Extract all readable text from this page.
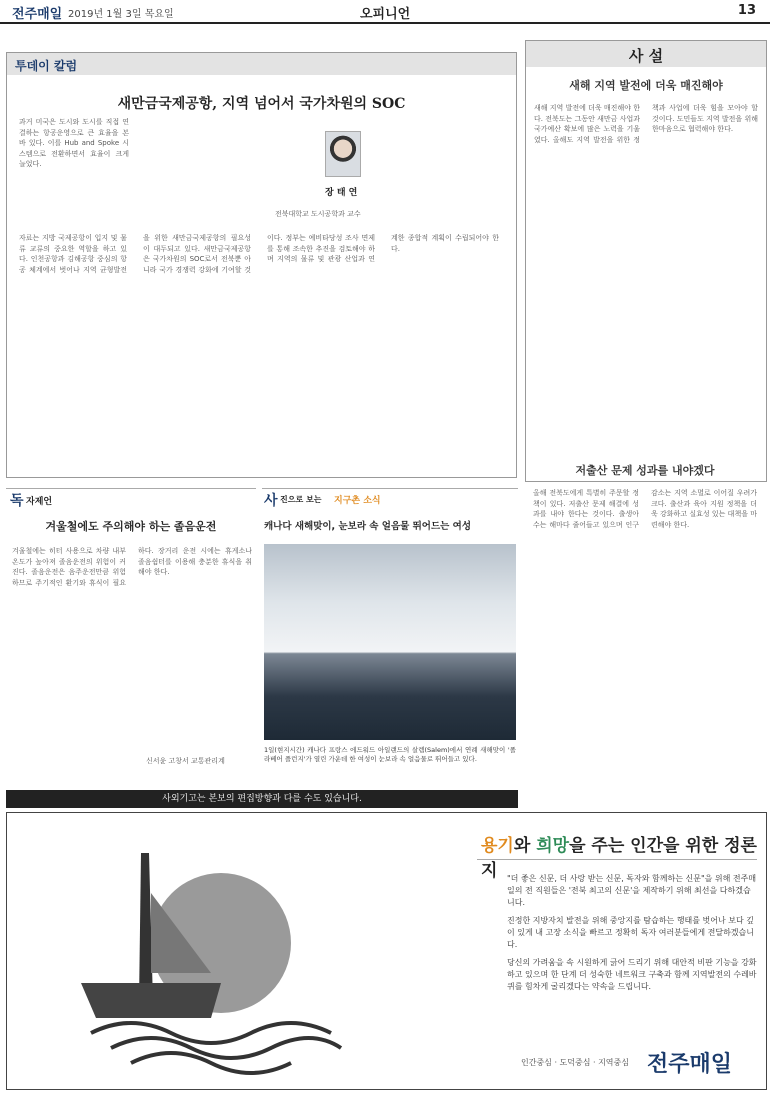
전주매일 2019년 1월 3일 목요일	오피니언	13
투데이 칼럼
새만금국제공항, 지역 넘어서 국가차원의 SOC
장 태 연
전북대학교 도시공학과 교수
과거 미국은 도시와 도시를 직접 연결하는 항공운영으로 큰 효율을 본 바 있다. 이를 Hub and Spoke 시스템으로 전환하면서 효율이 크게 늘었다.
자료는 지방 국제공항이 입지 및 물류 교류의 중요한 역할을 하고 있다. 인천공항과 김해공항 중심의 항공 체계에서 벗어나 지역 균형발전을 위한 새만금국제공항의 필요성이 대두되고 있다. 새만금국제공항은 국가차원의 SOC로서 전북뿐 아니라 국가 경쟁력 강화에 기여할 것이다. 정부는 예비타당성 조사 면제를 통해 조속한 추진을 검토해야 하며 지역의 물류 및 관광 산업과 연계한 종합적 계획이 수립되어야 한다.
사 설
새해 지역 발전에 더욱 매진해야
새해 지역 발전에 더욱 매진해야 한다. 전북도는 그동안 새만금 사업과 국가예산 확보에 많은 노력을 기울였다. 올해도 지역 발전을 위한 정책과 사업에 더욱 힘을 모아야 할 것이다. 도민들도 지역 발전을 위해 한마음으로 협력해야 한다.
저출산 문제 성과를 내야겠다
올해 전북도에게 특별히 주문할 정책이 있다. 저출산 문제 해결에 성과를 내야 한다는 것이다. 출생아 수는 해마다 줄어들고 있으며 인구 감소는 지역 소멸로 이어질 우려가 크다. 출산과 육아 지원 정책을 더욱 강화하고 실효성 있는 대책을 마련해야 한다.
독 자제언
겨울철에도 주의해야 하는 졸음운전
겨울철에는 히터 사용으로 차량 내부 온도가 높아져 졸음운전의 위험이 커진다. 졸음운전은 음주운전만큼 위험하므로 주기적인 환기와 휴식이 필요하다. 장거리 운전 시에는 휴게소나 졸음쉼터를 이용해 충분한 휴식을 취해야 한다.
신서윤 고창서 교통관리계
사 진으로 보는 지구촌 소식
캐나다 새해맞이, 눈보라 속 얼음물 뛰어드는 여성
1일(현지시간) 캐나다 프랑스 에드워드 아일랜드의 살렘(Salem)에서 연례 새해맞이 '폴라베어 플런지'가 열린 가운데 한 여성이 눈보라 속 얼음물로 뛰어들고 있다.
사외기고는 본보의 편집방향과 다를 수도 있습니다.
용기와 희망을 주는 인간을 위한 정론지	"더 좋은 신문, 더 사랑 받는 신문, 독자와 함께하는 신문"을 위해 전주매일의 전 직원들은 '전북 최고의 신문'을 제작하기 위해 최선을 다하겠습니다.

진정한 지방자치 발전을 위해 중앙지를 탐습하는 행태를 벗어나 보다 깊이 있게 내 고장 소식을 빠르고 정확히 독자 여러분들에게 전달하겠습니다.

당신의 가려움을 속 시원하게 긁어 드리기 위해 대안적 비판 기능을 강화하고 있으며 한 단계 더 성숙한 네트워크 구축과 함께 지역발전의 수레바퀴를 힘차게 굴리겠다는 약속을 드립니다.

인간중심 · 도덕중심 · 지역중심 전주매일
